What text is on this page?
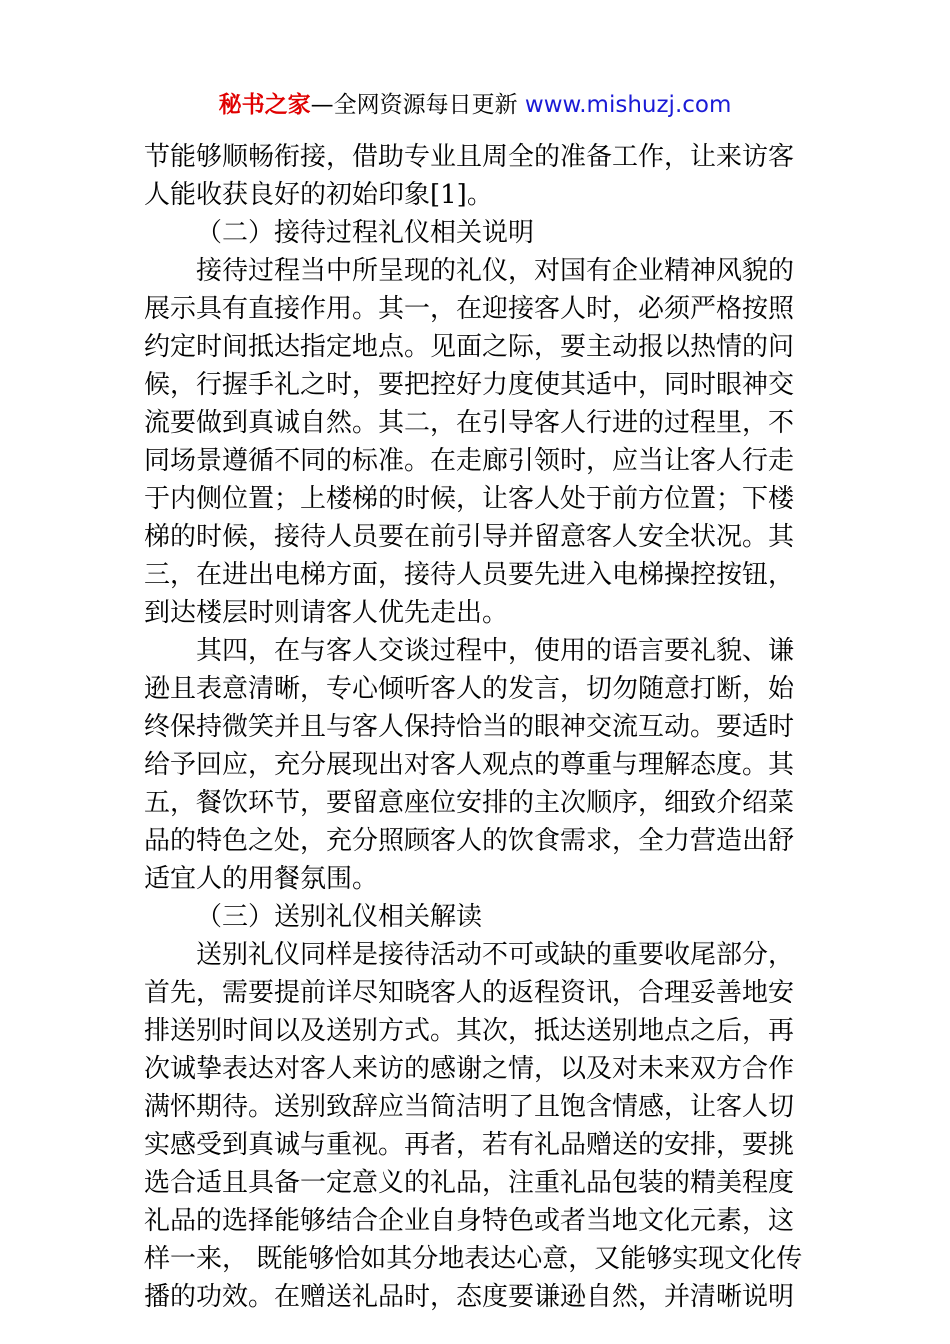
秘书之家—全网资源每日更新 www.mishuzj.com
节能够顺畅衔接，借助专业且周全的准备工作，让来访客
人能收获良好的初始印象[1]。
（二）接待过程礼仪相关说明
接待过程当中所呈现的礼仪，对国有企业精神风貌的
展示具有直接作用。其一，在迎接客人时，必须严格按照
约定时间抵达指定地点。见面之际，要主动报以热情的问
候，行握手礼之时，要把控好力度使其适中，同时眼神交
流要做到真诚自然。其二，在引导客人行进的过程里，不
同场景遵循不同的标准。在走廊引领时，应当让客人行走
于内侧位置；上楼梯的时候，让客人处于前方位置；下楼
梯的时候，接待人员要在前引导并留意客人安全状况。其
三，在进出电梯方面，接待人员要先进入电梯操控按钮，
到达楼层时则请客人优先走出。
其四，在与客人交谈过程中，使用的语言要礼貌、谦
逊且表意清晰，专心倾听客人的发言，切勿随意打断，始
终保持微笑并且与客人保持恰当的眼神交流互动。要适时
给予回应，充分展现出对客人观点的尊重与理解态度。其
五，餐饮环节，要留意座位安排的主次顺序，细致介绍菜
品的特色之处，充分照顾客人的饮食需求，全力营造出舒
适宜人的用餐氛围。
（三）送别礼仪相关解读
送别礼仪同样是接待活动不可或缺的重要收尾部分，
首先，需要提前详尽知晓客人的返程资讯，合理妥善地安
排送别时间以及送别方式。其次，抵达送别地点之后，再
次诚挚表达对客人来访的感谢之情，以及对未来双方合作
满怀期待。送别致辞应当简洁明了且饱含情感，让客人切
实感受到真诚与重视。再者，若有礼品赠送的安排，要挑
选合适且具备一定意义的礼品，注重礼品包装的精美程度
礼品的选择能够结合企业自身特色或者当地文化元素，这
样一来， 既能够恰如其分地表达心意，又能够实现文化传
播的功效。在赠送礼品时，态度要谦逊自然，并清晰说明
